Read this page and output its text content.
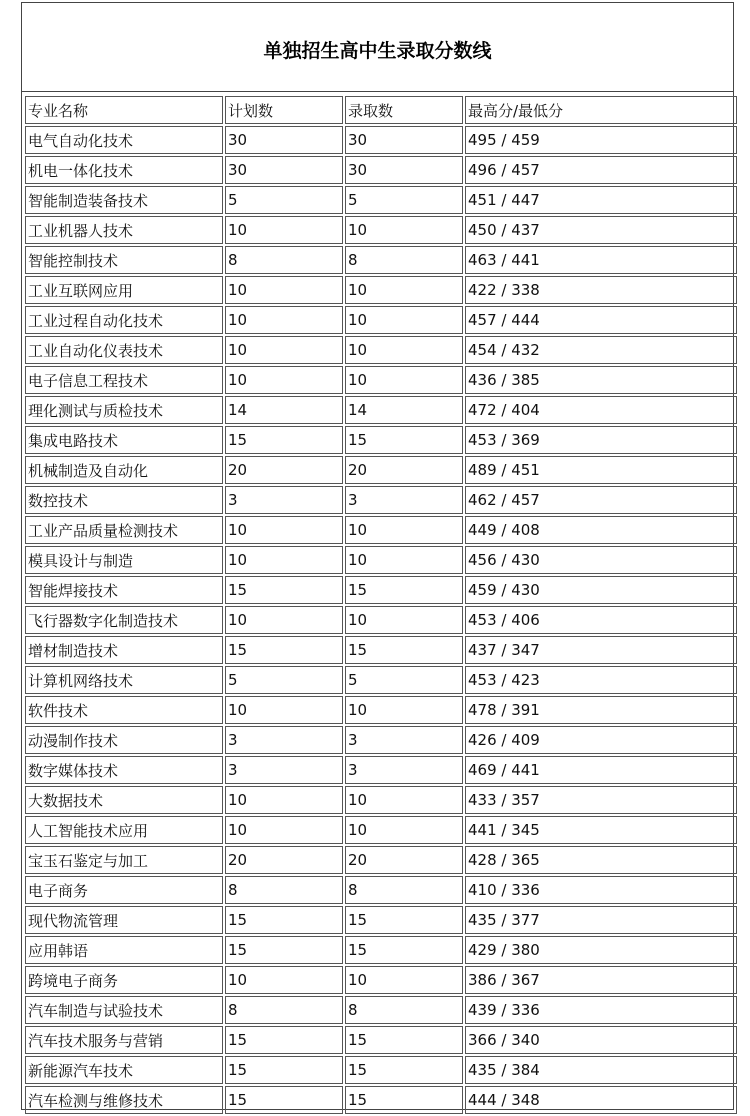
单独招生高中生录取分数线
专业名称	计划数	录取数	最高分/最低分
电气自动化技术	30	30	495 / 459
机电一体化技术	30	30	496 / 457
智能制造装备技术	5	5	451 / 447
工业机器人技术	10	10	450 / 437
智能控制技术	8	8	463 / 441
工业互联网应用	10	10	422 / 338
工业过程自动化技术	10	10	457 / 444
工业自动化仪表技术	10	10	454 / 432
电子信息工程技术	10	10	436 / 385
理化测试与质检技术	14	14	472 / 404
集成电路技术	15	15	453 / 369
机械制造及自动化	20	20	489 / 451
数控技术	3	3	462 / 457
工业产品质量检测技术	10	10	449 / 408
模具设计与制造	10	10	456 / 430
智能焊接技术	15	15	459 / 430
飞行器数字化制造技术	10	10	453 / 406
增材制造技术	15	15	437 / 347
计算机网络技术	5	5	453 / 423
软件技术	10	10	478 / 391
动漫制作技术	3	3	426 / 409
数字媒体技术	3	3	469 / 441
大数据技术	10	10	433 / 357
人工智能技术应用	10	10	441 / 345
宝玉石鉴定与加工	20	20	428 / 365
电子商务	8	8	410 / 336
现代物流管理	15	15	435 / 377
应用韩语	15	15	429 / 380
跨境电子商务	10	10	386 / 367
汽车制造与试验技术	8	8	439 / 336
汽车技术服务与营销	15	15	366 / 340
新能源汽车技术	15	15	435 / 384
汽车检测与维修技术	15	15	444 / 348
